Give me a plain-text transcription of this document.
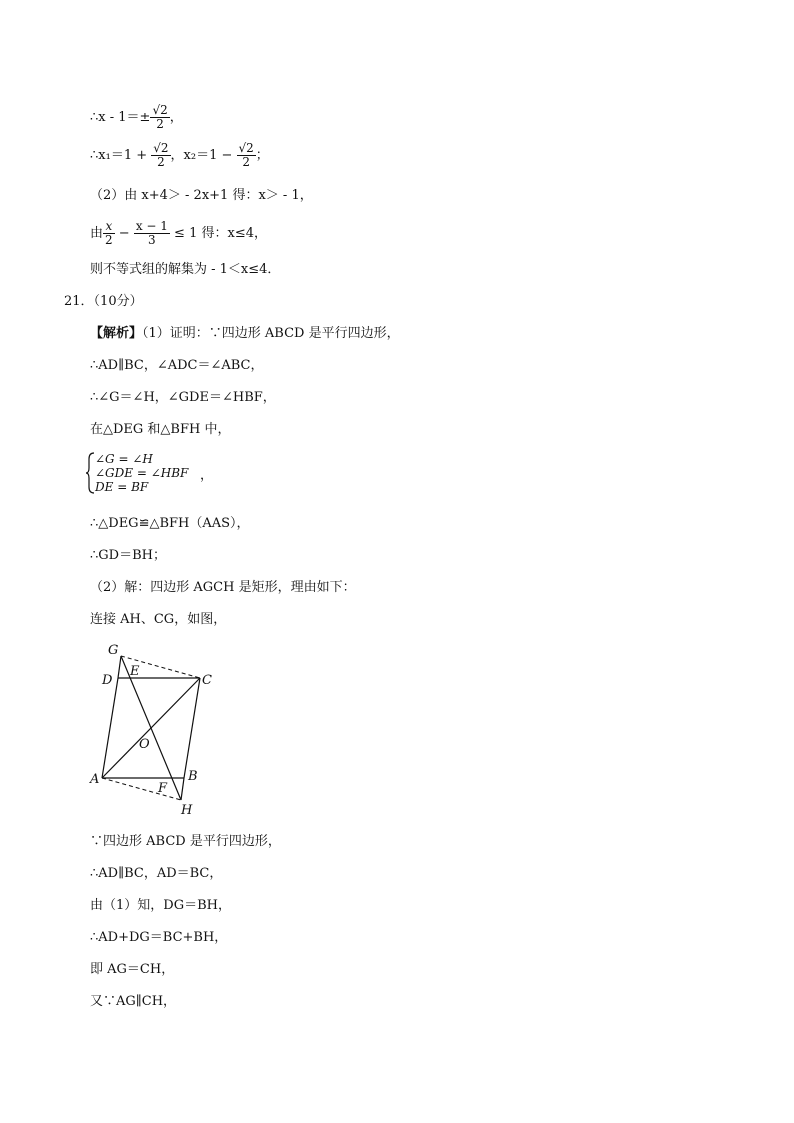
∴x - $1=\pm \frac{√2}{2}$ ，
∴x₁＝1 + $\frac{√2}{2}$ ，$x_2=1 - \frac{√2}{2}$ ；
（2）由 x+4＞ - 2x+1 得：x＞ - 1，
由 $\frac{x}{2} - \frac{x - 1}{3} \le 1$ 得：x≤4，
则不等式组的解集为 - 1＜x≤4．
21．（10分）
【解析】（1）证明：∵四边形 ABCD 是平行四边形，
∴AD∥BC，∠ADC＝∠ABC，
∴∠G＝∠H，∠GDE＝∠HBF，
在△DEG 和△BFH 中，
∠G = ∠H
∠GDE = ∠HBF
DE = BF
，
∴△DEG≌△BFH（AAS），
∴GD＝BH；
（2）解：四边形 AGCH 是矩形，理由如下：
连接 AH、CG，如图，
G
E
D	C
O
A	B
F
H
∵四边形 ABCD 是平行四边形，
∴AD∥BC，AD＝BC，
由（1）知，DG＝BH，
∴AD+DG＝BC+BH，
即 AG＝CH，
又∵AG∥CH，
